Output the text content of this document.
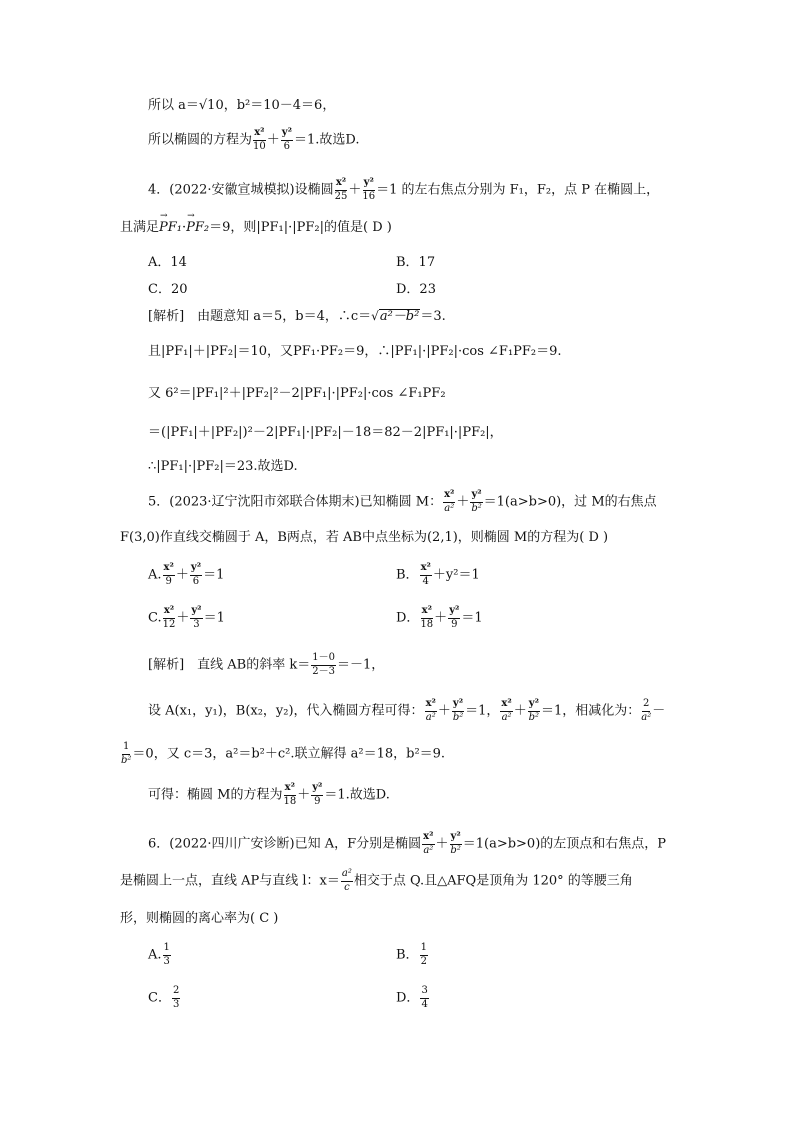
所以 a＝√10，b²＝10－4＝6，
所以椭圆的方程为 $\frac{\text{x²}}{10} + \frac{\text{y²}}{6} =1$.故选D.
4．(2022·安徽宣城模拟)设椭圆 $\frac{\text{x²}}{25} + \frac{\text{y²}}{16} =1$ 的左右焦点分别为 F₁，F₂，点 P 在椭圆上，
且满足→ PF₁·→ PF₂＝9，则|PF₁|·|PF₂|的值是( D )
A．14	B．17
C．20	D．23
[解析]　由题意知 a＝5，b＝4，∴c＝√a²－b²＝3.
且|PF₁|＋|PF₂|＝10，又PF₁·PF₂＝9，∴|PF₁|·|PF₂|·cos ∠F₁PF₂＝9.
又 6²＝|PF₁|²＋|PF₂|²－2|PF₁|·|PF₂|·cos ∠F₁PF₂
＝(|PF₁|＋|PF₂|)²－2|PF₁|·|PF₂|－18＝82－2|PF₁|·|PF₂|，
∴|PF₁|·|PF₂|＝23.故选D.
5．(2023·辽宁沈阳市郊联合体期末)已知椭圆 M： $\frac{\text{x²}}{\text{a²}} + \frac{\text{y²}}{\text{b²}} =1(a>b>0)$，过 M的右焦点
F(3,0)作直线交椭圆于 A，B两点，若 AB中点坐标为(2,1)，则椭圆 M的方程为( D )
A. $\frac{\text{x²}}{9} + \frac{\text{y²}}{6} =1$	B． $\frac{\text{x²}}{4} +y^2=1$
C. $\frac{\text{x²}}{12} + \frac{\text{y²}}{3} =1$	D． $\frac{\text{x²}}{18} + \frac{\text{y²}}{9} =1$
[解析]　直线 AB的斜率 $k= \frac{1-0}{2-3} =-1$，
设 A(x₁，y₁)，B(x₂，y₂)，代入椭圆方程可得： $\frac{\text{x²}}{\text{a²}} + \frac{\text{y²}}{\text{b²}} =1$， $\frac{\text{x²}}{\text{a²}} + \frac{\text{y²}}{\text{b²}} =1$，相减化为： $\frac{2}{\text{a²}}$ －
$\frac{1}{\text{b²}} =0$，又 c＝3，a²＝b²＋c².联立解得 a²＝18，b²＝9.
可得：椭圆 M的方程为 $\frac{\text{x²}}{18} + \frac{\text{y²}}{9} =1$.故选D.
6．(2022·四川广安诊断)已知 A，F分别是椭圆 $\frac{\text{x²}}{\text{a²}} + \frac{\text{y²}}{\text{b²}} =1(a>b>0)$的左顶点和右焦点，P
是椭圆上一点，直线 AP与直线 l：$x= \frac{\text{a²}}{c}$ 相交于点 Q.且△AFQ是顶角为 120° 的等腰三角
形，则椭圆的离心率为( C )
A. $\frac{1}{3}$	B． $\frac{1}{2}$
C． $\frac{2}{3}$	D． $\frac{3}{4}$
